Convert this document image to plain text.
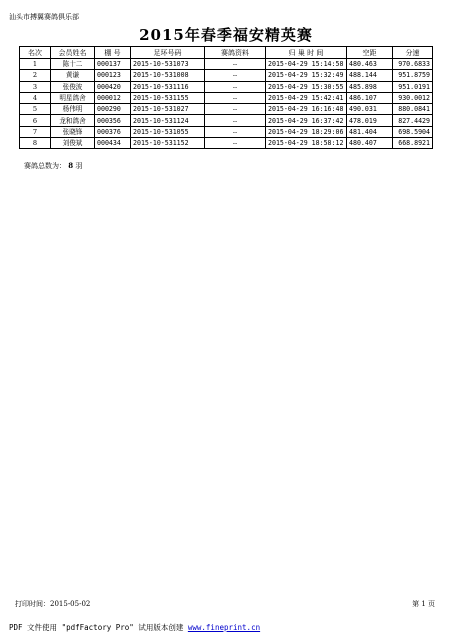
汕头市搏翼赛鸽俱乐部
2015年春季福安精英赛
名次	会员姓名	棚 号	足环号码	赛鸽资料	归 巢 时 间	空距	分速
1	陈十二	000137	2015-10-531073	--	2015-04-29 15:14:58	480.463	970.6833
2	黄谦	000123	2015-10-531008	--	2015-04-29 15:32:49	488.144	951.8759
3	张俊波	000420	2015-10-531116	--	2015-04-29 15:30:55	485.898	951.0191
4	明星鸽舍	000012	2015-10-531155	--	2015-04-29 15:42:41	486.107	930.0012
5	杨伟明	000290	2015-10-531027	--	2015-04-29 16:16:48	490.031	880.0841
6	龙和鸽舍	000356	2015-10-531124	--	2015-04-29 16:37:42	478.019	827.4429
7	张晓锋	000376	2015-10-531055	--	2015-04-29 18:29:06	481.404	698.5904
8	刘俊斌	000434	2015-10-531152	--	2015-04-29 18:58:12	480.407	668.8921
赛鸽总数为： 8 羽
打印时间：2015-05-02	第 1 页
PDF 文件使用 "pdfFactory Pro" 试用版本创建 www.fineprint.cn
